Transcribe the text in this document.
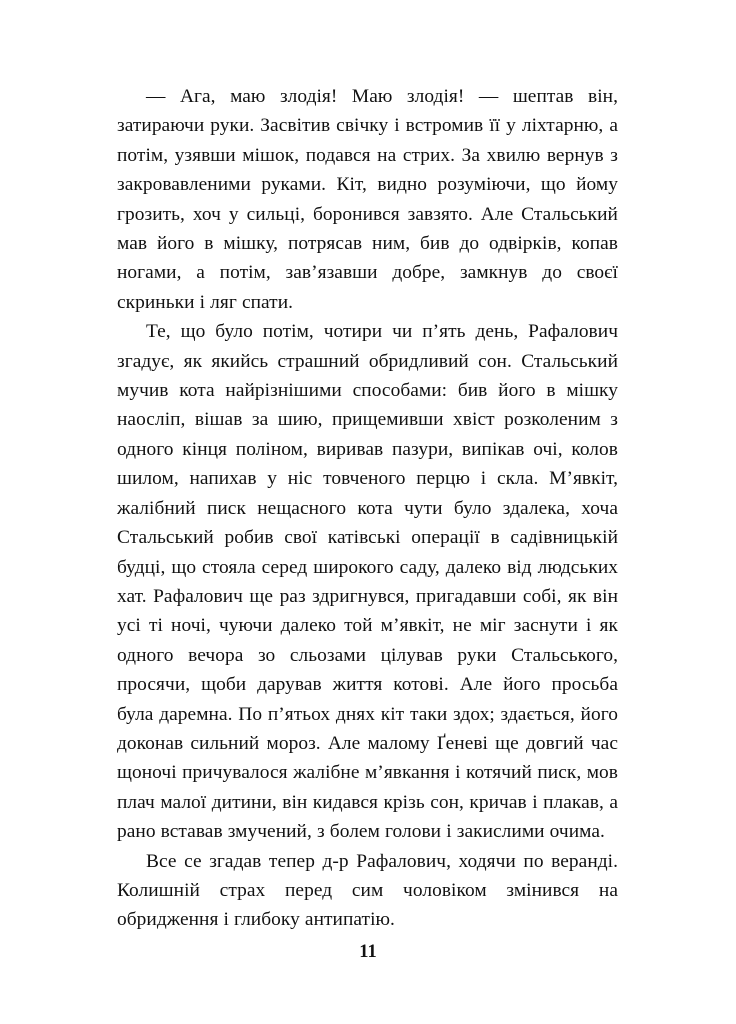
— Ага, маю злодія! Маю злодія! — шептав він, затираючи руки. Засвітив свічку і встромив її у ліхтарню, а потім, узявши мішок, подався на стрих. За хвилю вернув з закровавленими руками. Кіт, видно розуміючи, що йому грозить, хоч у сильці, боронився завзято. Але Стальський мав його в мішку, потрясав ним, бив до одвірків, копав ногами, а потім, зав’язавши добре, замкнув до своєї скриньки і ляг спати.

Те, що було потім, чотири чи п’ять день, Рафалович згадує, як якийсь страшний обридливий сон. Стальський мучив кота найрізнішими способами: бив його в мішку наосліп, вішав за шию, прищемивши хвіст розколеним з одного кінця поліном, виривав пазури, випікав очі, колов шилом, напихав у ніс товченого перцю і скла. М’явкіт, жалібний писк нещасного кота чути було здалека, хоча Стальський робив свої катівські операції в садівницькій будці, що стояла серед широкого саду, далеко від людських хат. Рафалович ще раз здригнувся, пригадавши собі, як він усі ті ночі, чуючи далеко той м’явкіт, не міг заснути і як одного вечора зо сльозами цілував руки Стальського, просячи, щоби дарував життя котові. Але його просьба була даремна. По п’ятьох днях кіт таки здох; здається, його доконав сильний мороз. Але малому Ґеневі ще довгий час щоночі причувалося жалібне м’явкання і котячий писк, мов плач малої дитини, він кидався крізь сон, кричав і плакав, а рано вставав змучений, з болем голови і закислими очима.

Все се згадав тепер д-р Рафалович, ходячи по веранді. Колишній страх перед сим чоловіком змінився на обридження і глибоку антипатію.

11
